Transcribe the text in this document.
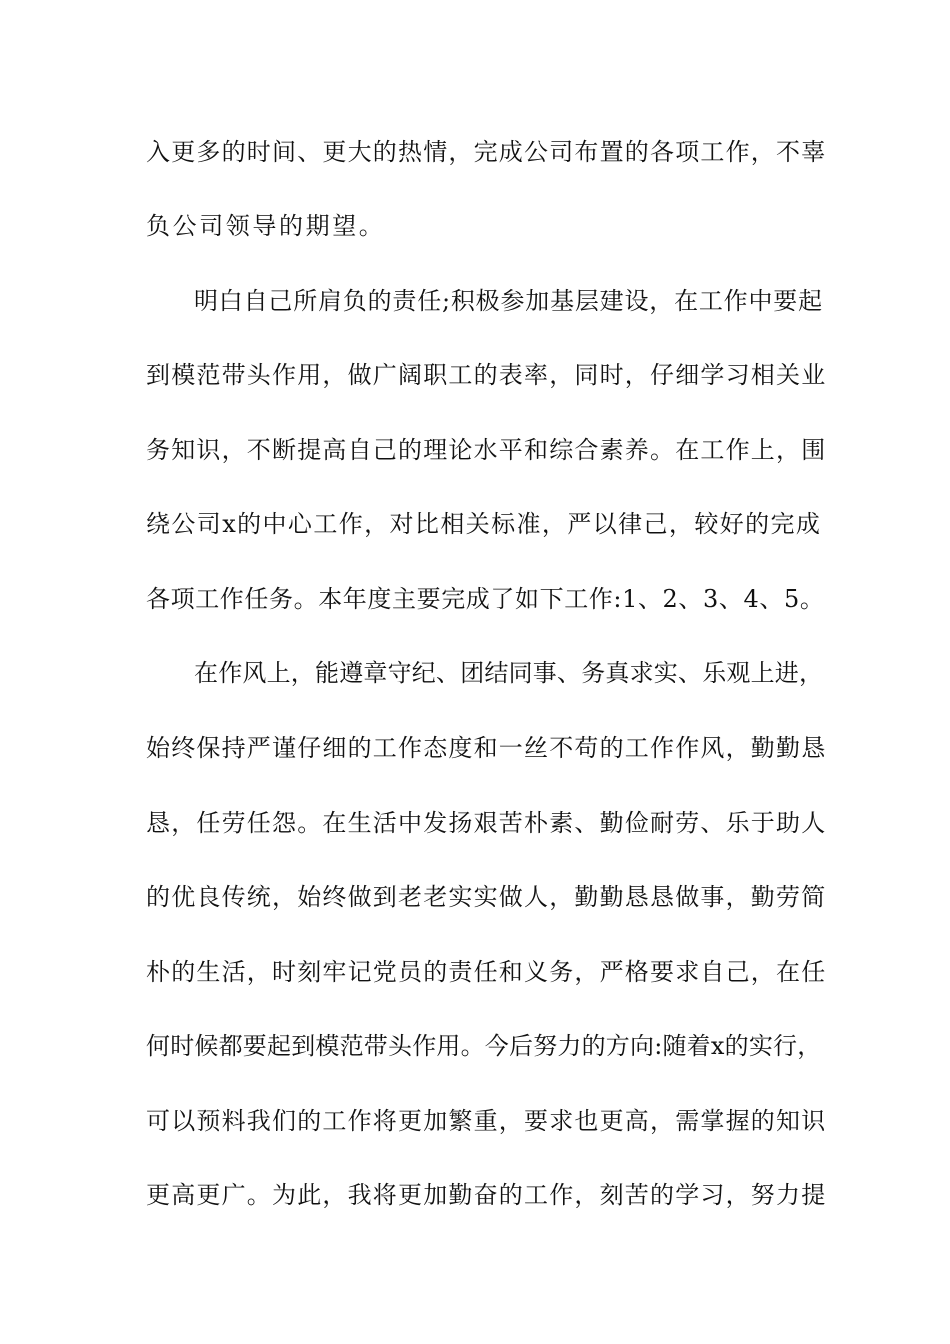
入更多的时间、更大的热情，完成公司布置的各项工作，不辜
负公司领导的期望。
明白自己所肩负的责任;积极参加基层建设，在工作中要起
到模范带头作用，做广阔职工的表率，同时，仔细学习相关业
务知识，不断提高自己的理论水平和综合素养。在工作上，围
绕公司x的中心工作，对比相关标准，严以律己，较好的完成
各项工作任务。本年度主要完成了如下工作:1、2、3、4、5。
在作风上，能遵章守纪、团结同事、务真求实、乐观上进，
始终保持严谨仔细的工作态度和一丝不苟的工作作风，勤勤恳
恳，任劳任怨。在生活中发扬艰苦朴素、勤俭耐劳、乐于助人
的优良传统，始终做到老老实实做人，勤勤恳恳做事，勤劳简
朴的生活，时刻牢记党员的责任和义务，严格要求自己，在任
何时候都要起到模范带头作用。今后努力的方向:随着x的实行，
可以预料我们的工作将更加繁重，要求也更高，需掌握的知识
更高更广。为此，我将更加勤奋的工作，刻苦的学习，努力提
